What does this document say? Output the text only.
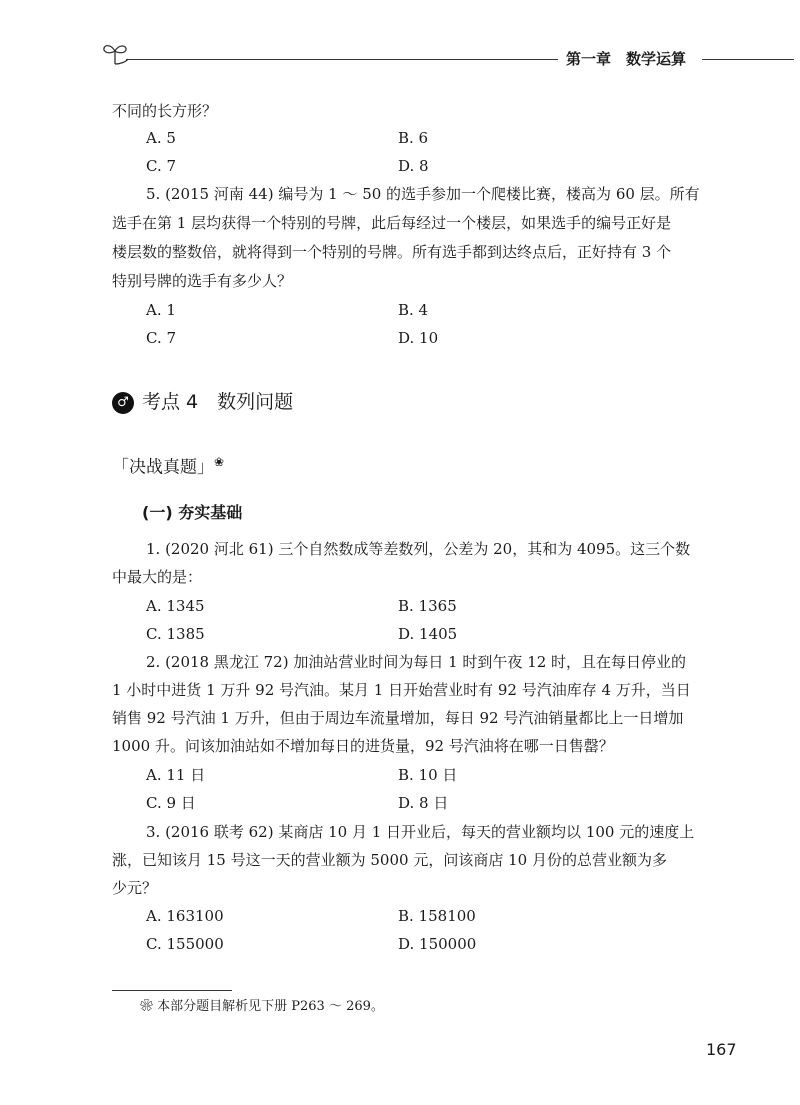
第一章　数学运算
不同的长方形？
A. 5	B. 6
C. 7	D. 8
5. (2015 河南 44) 编号为 1 ～ 50 的选手参加一个爬楼比赛，楼高为 60 层。所有
选手在第 1 层均获得一个特别的号牌，此后每经过一个楼层，如果选手的编号正好是
楼层数的整数倍，就将得到一个特别的号牌。所有选手都到达终点后，正好持有 3 个
特别号牌的选手有多少人？
A. 1	B. 4
C. 7	D. 10
♂ 考点 4　数列问题
「决战真题」❀
(一) 夯实基础
1. (2020 河北 61) 三个自然数成等差数列，公差为 20，其和为 4095。这三个数
中最大的是：
A. 1345	B. 1365
C. 1385	D. 1405
2. (2018 黑龙江 72) 加油站营业时间为每日 1 时到午夜 12 时，且在每日停业的
1 小时中进货 1 万升 92 号汽油。某月 1 日开始营业时有 92 号汽油库存 4 万升，当日
销售 92 号汽油 1 万升，但由于周边车流量增加，每日 92 号汽油销量都比上一日增加
1000 升。问该加油站如不增加每日的进货量，92 号汽油将在哪一日售罄？
A. 11 日	B. 10 日
C. 9 日	D. 8 日
3. (2016 联考 62) 某商店 10 月 1 日开业后，每天的营业额均以 100 元的速度上
涨，已知该月 15 号这一天的营业额为 5000 元，问该商店 10 月份的总营业额为多
少元？
A. 163100	B. 158100
C. 155000	D. 150000
❀ 本部分题目解析见下册 P263 ～ 269。
167
